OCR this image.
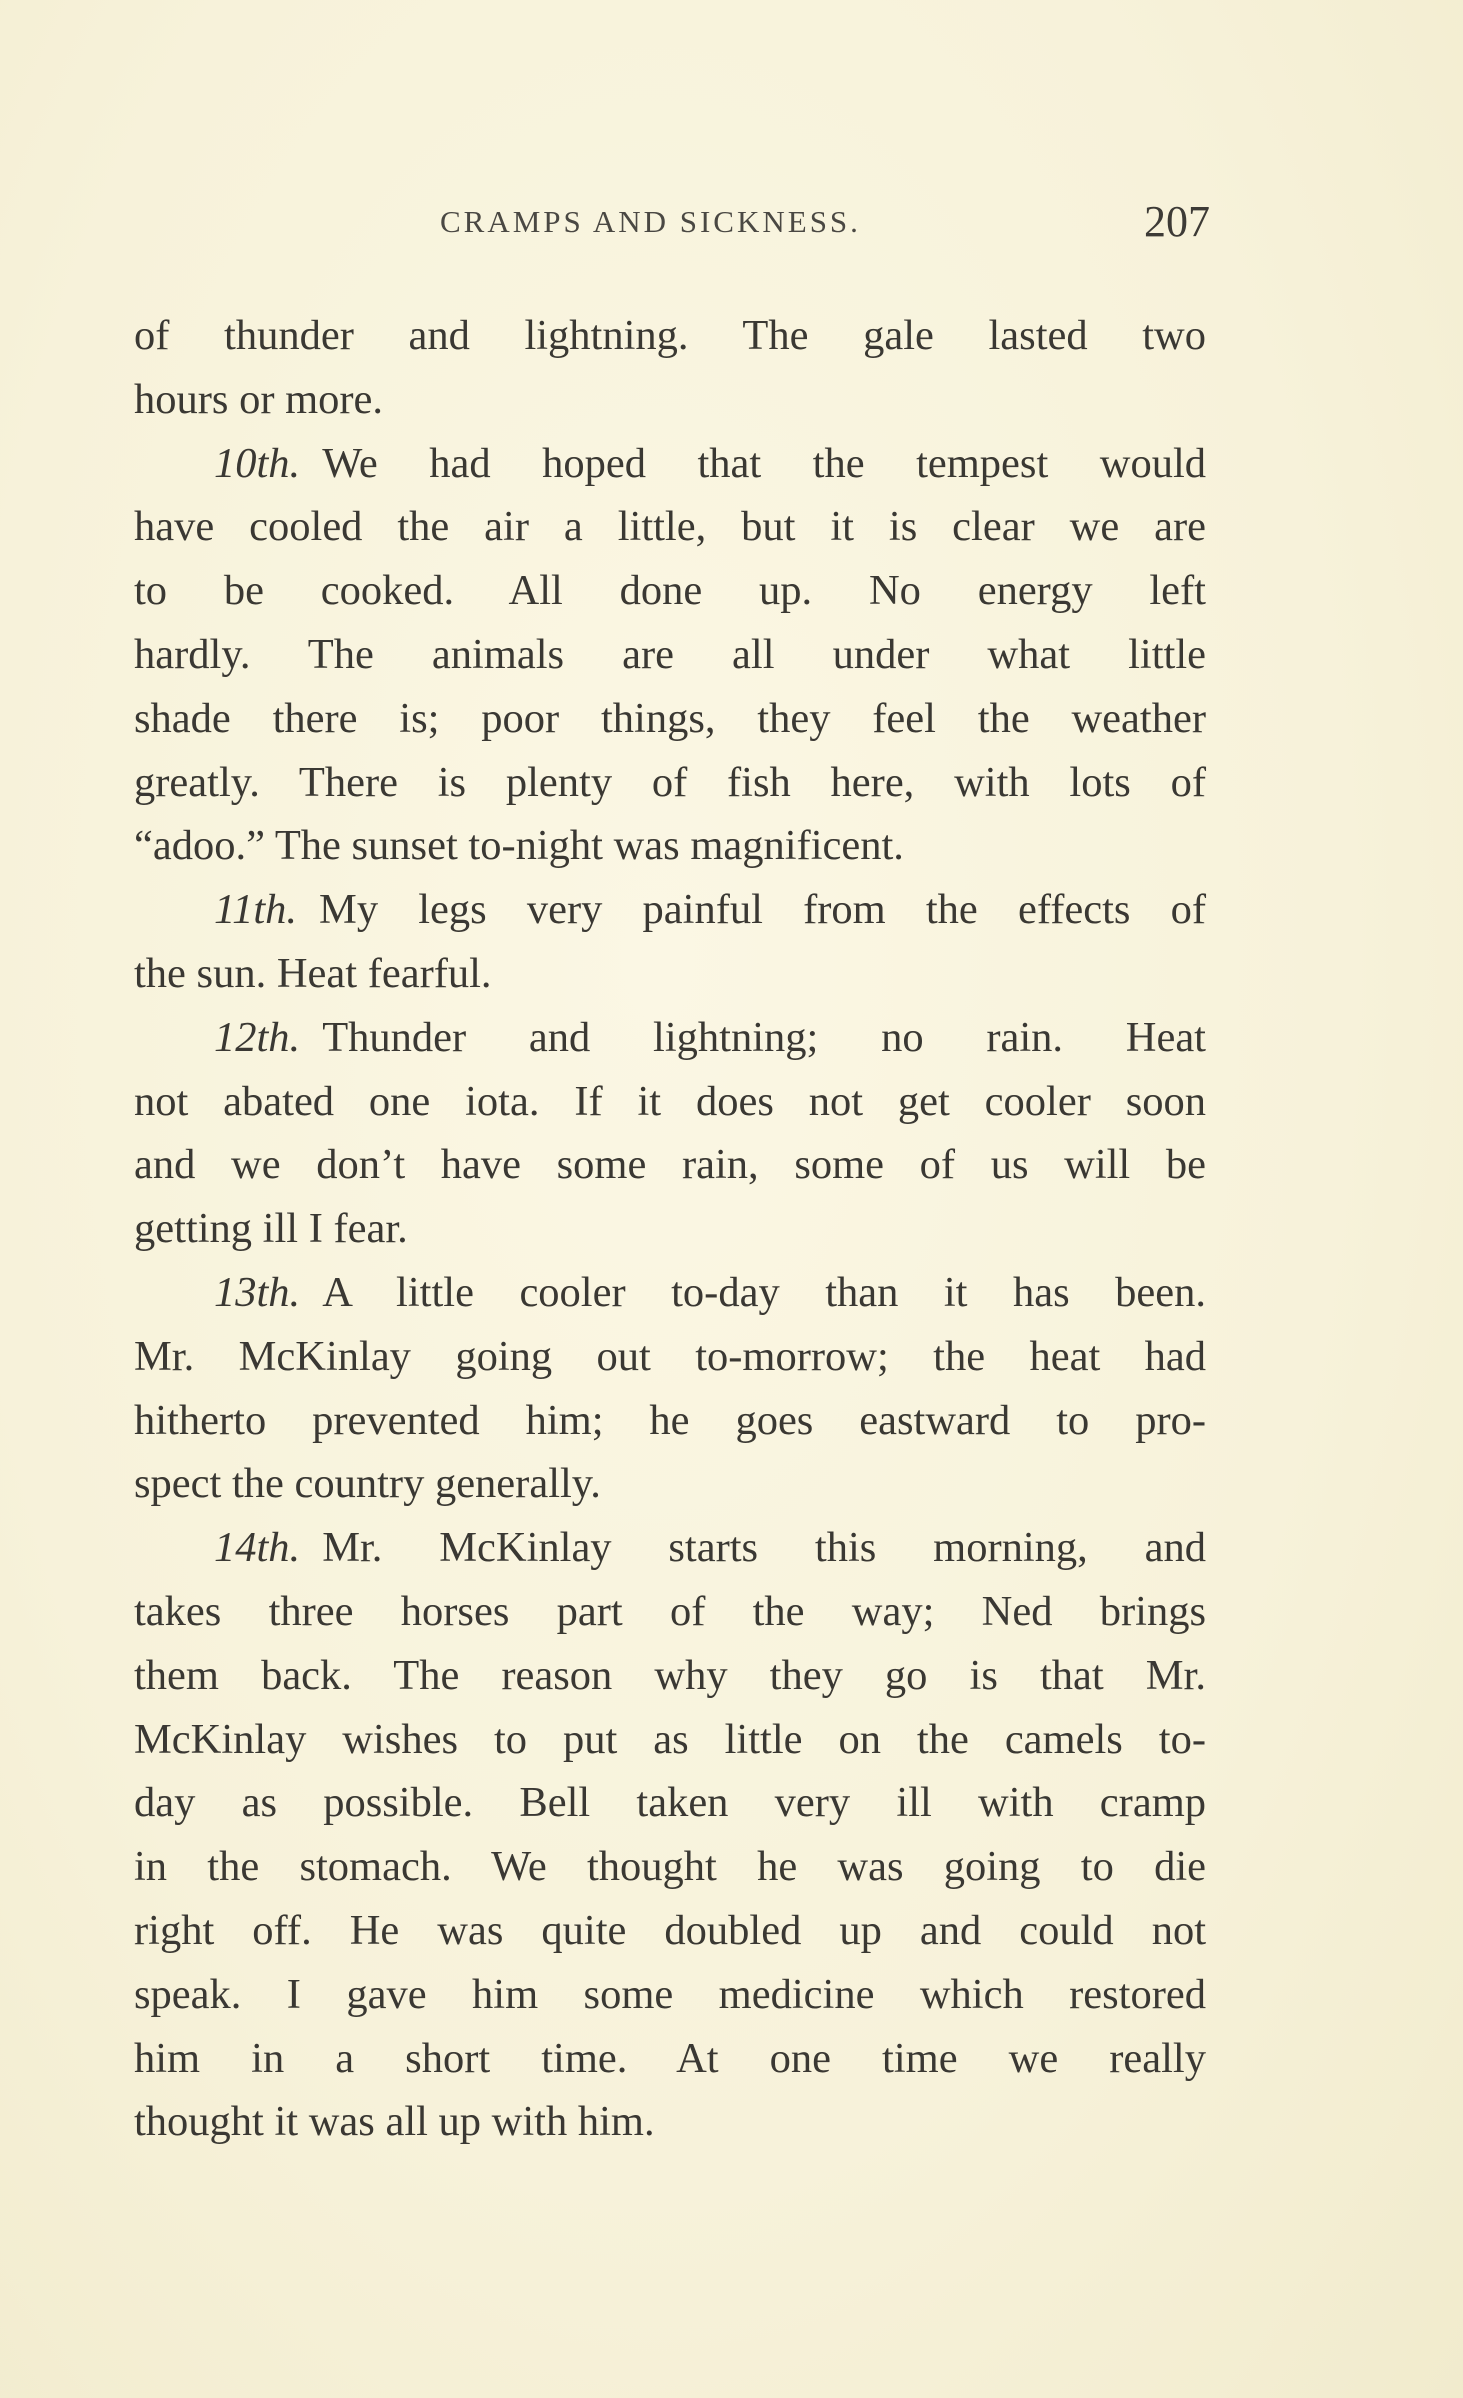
CRAMPS AND SICKNESS.	207
of thunder and lightning. The gale lasted two
hours or more.
10th. We had hoped that the tempest would
have cooled the air a little, but it is clear we are
to be cooked. All done up. No energy left
hardly. The animals are all under what little
shade there is; poor things, they feel the weather
greatly. There is plenty of fish here, with lots of
“adoo.” The sunset to-night was magnificent.
11th. My legs very painful from the effects of
the sun. Heat fearful.
12th. Thunder and lightning; no rain. Heat
not abated one iota. If it does not get cooler soon
and we don’t have some rain, some of us will be
getting ill I fear.
13th. A little cooler to-day than it has been.
Mr. McKinlay going out to-morrow; the heat had
hitherto prevented him; he goes eastward to pro-
spect the country generally.
14th. Mr. McKinlay starts this morning, and
takes three horses part of the way; Ned brings
them back. The reason why they go is that Mr.
McKinlay wishes to put as little on the camels to-
day as possible. Bell taken very ill with cramp
in the stomach. We thought he was going to die
right off. He was quite doubled up and could not
speak. I gave him some medicine which restored
him in a short time. At one time we really
thought it was all up with him.
